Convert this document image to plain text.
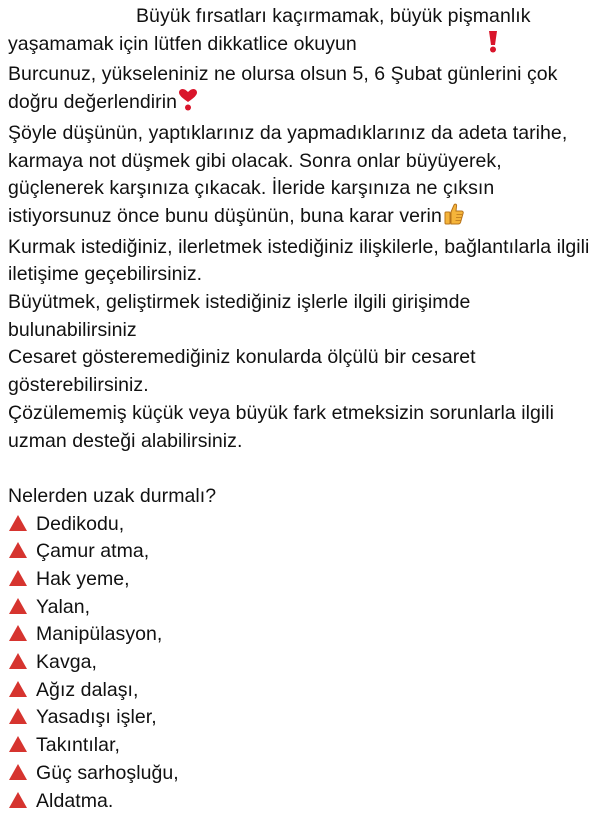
Büyük fırsatları kaçırmamak, büyük pişmanlık yaşamamak için lütfen dikkatlice okuyun

Burcunuz, yükseleniniz ne olursa olsun 5, 6 Şubat günlerini çok doğru değerlendirin

Şöyle düşünün, yaptıklarınız da yapmadıklarınız da adeta tarihe, karmaya not düşmek gibi olacak. Sonra onlar büyüyerek, güçlenerek karşınıza çıkacak. İleride karşınıza ne çıksın istiyorsunuz önce bunu düşünün, buna karar verin

Kurmak istediğiniz, ilerletmek istediğiniz ilişkilerle, bağlantılarla ilgili iletişime geçebilirsiniz.

Büyütmek, geliştirmek istediğiniz işlerle ilgili girişimde bulunabilirsiniz

Cesaret gösteremediğiniz konularda ölçülü bir cesaret gösterebilirsiniz.

Çözülememiş küçük veya büyük fark etmeksizin sorunlarla ilgili uzman desteği alabilirsiniz.

Nelerden uzak durmalı?

Dedikodu,
Çamur atma,
Hak yeme,
Yalan,
Manipülasyon,
Kavga,
Ağız dalaşı,
Yasadışı işler,
Takıntılar,
Güç sarhoşluğu,
Aldatma.
